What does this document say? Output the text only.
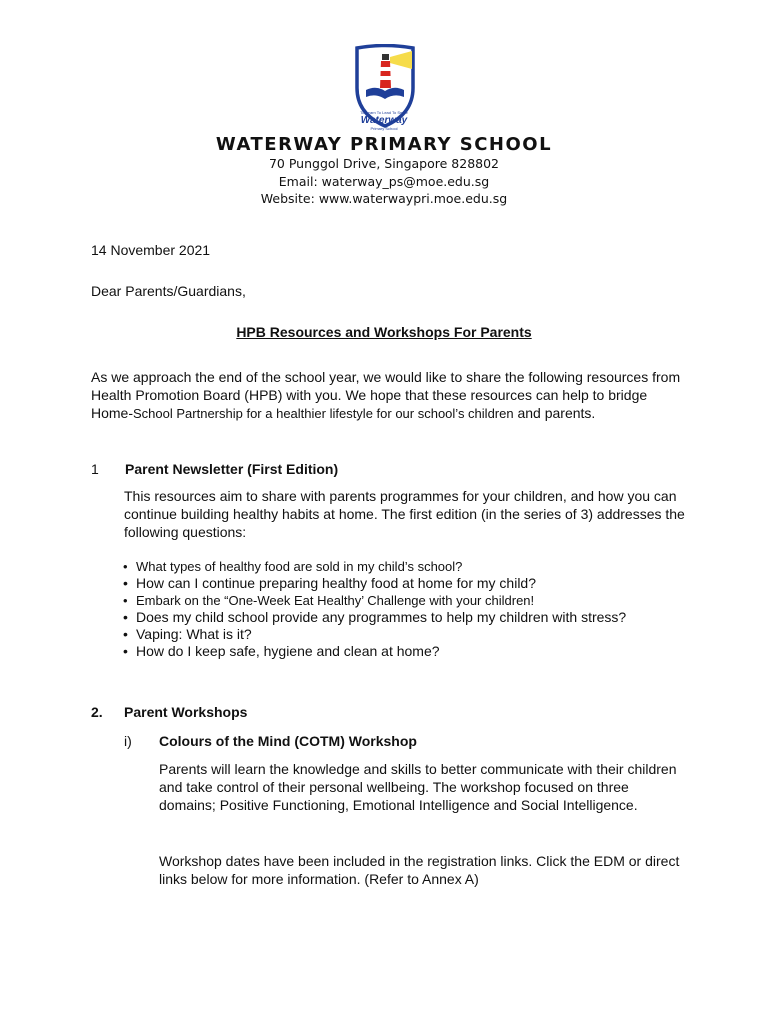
To Learn To Lead To Serve
Waterway
Primary School
WATERWAY PRIMARY SCHOOL
70 Punggol Drive, Singapore 828802
Email: waterway_ps@moe.edu.sg
Website: www.waterwaypri.moe.edu.sg
14 November 2021
Dear Parents/Guardians,
HPB Resources and Workshops For Parents
As we approach the end of the school year, we would like to share the following resources from
Health Promotion Board (HPB) with you. We hope that these resources can help to bridge
Home-School Partnership for a healthier lifestyle for our school’s children and parents.
1 Parent Newsletter (First Edition)
This resources aim to share with parents programmes for your children, and how you can
continue building healthy habits at home. The first edition (in the series of 3) addresses the
following questions:
• What types of healthy food are sold in my child’s school?
• How can I continue preparing healthy food at home for my child?
• Embark on the “One-Week Eat Healthy’ Challenge with your children!
• Does my child school provide any programmes to help my children with stress?
• Vaping: What is it?
• How do I keep safe, hygiene and clean at home?
2. Parent Workshops
i) Colours of the Mind (COTM) Workshop
Parents will learn the knowledge and skills to better communicate with their children
and take control of their personal wellbeing. The workshop focused on three
domains; Positive Functioning, Emotional Intelligence and Social Intelligence.
Workshop dates have been included in the registration links. Click the EDM or direct
links below for more information. (Refer to Annex A)
